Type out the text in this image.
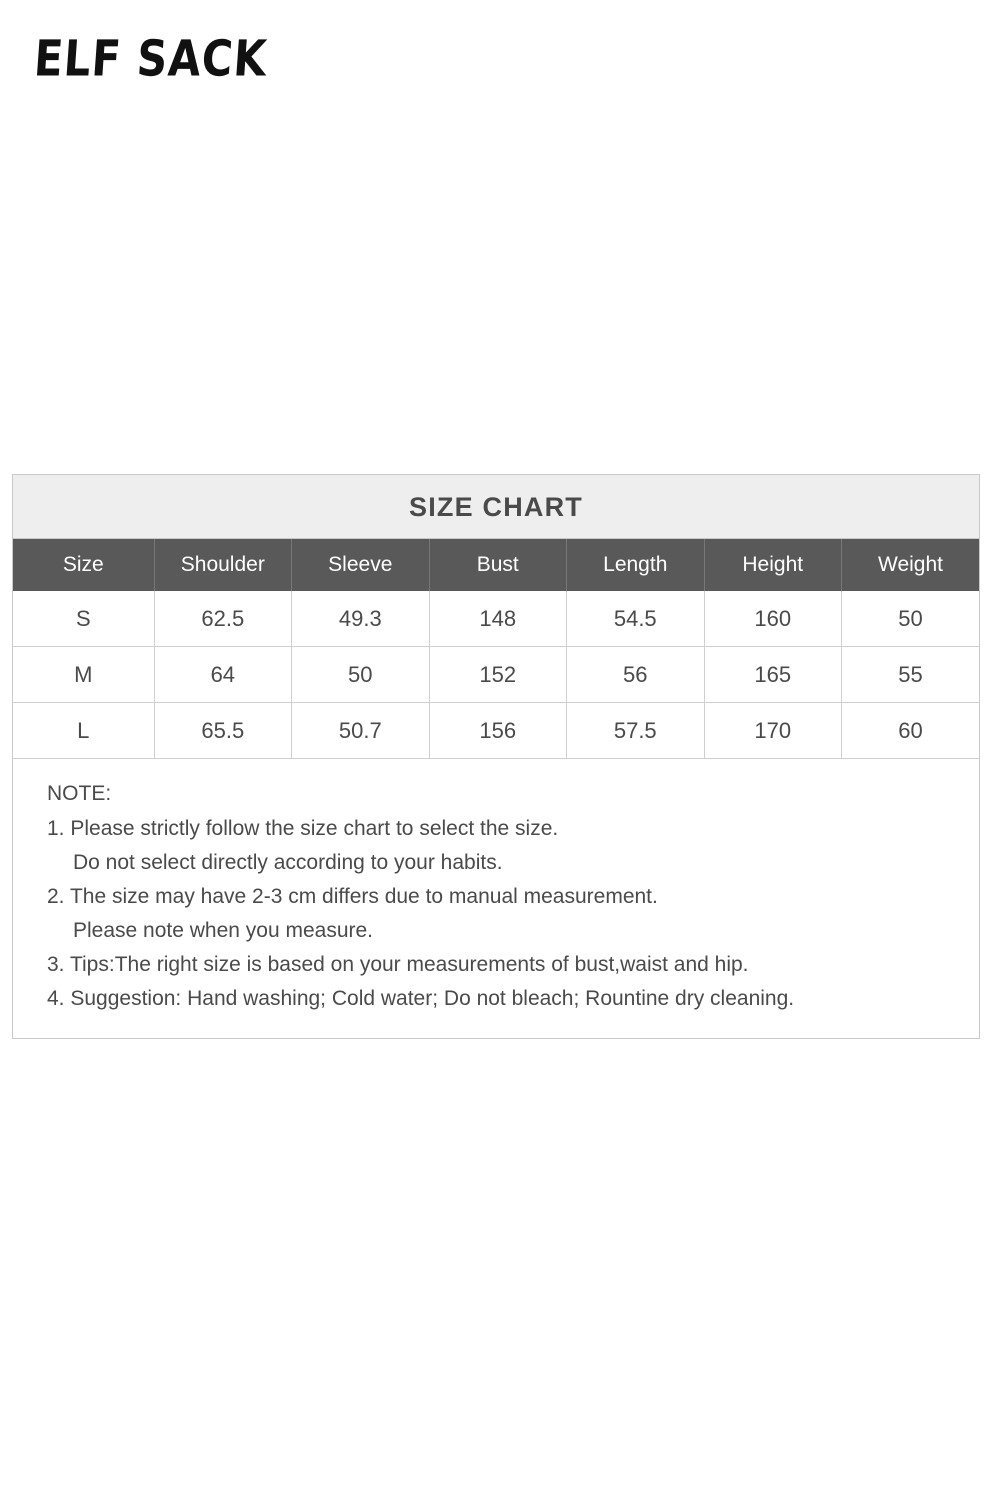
ELF SACK
SIZE CHART
Size	Shoulder	Sleeve	Bust	Length	Height	Weight
S	62.5	49.3	148	54.5	160	50
M	64	50	152	56	165	55
L	65.5	50.7	156	57.5	170	60
NOTE:
1. Please strictly follow the size chart to select the size.
Do not select directly according to your habits.
2. The size may have 2-3 cm differs due to manual measurement.
Please note when you measure.
3. Tips:The right size is based on your measurements of bust,waist and hip.
4. Suggestion: Hand washing; Cold water; Do not bleach; Rountine dry cleaning.
